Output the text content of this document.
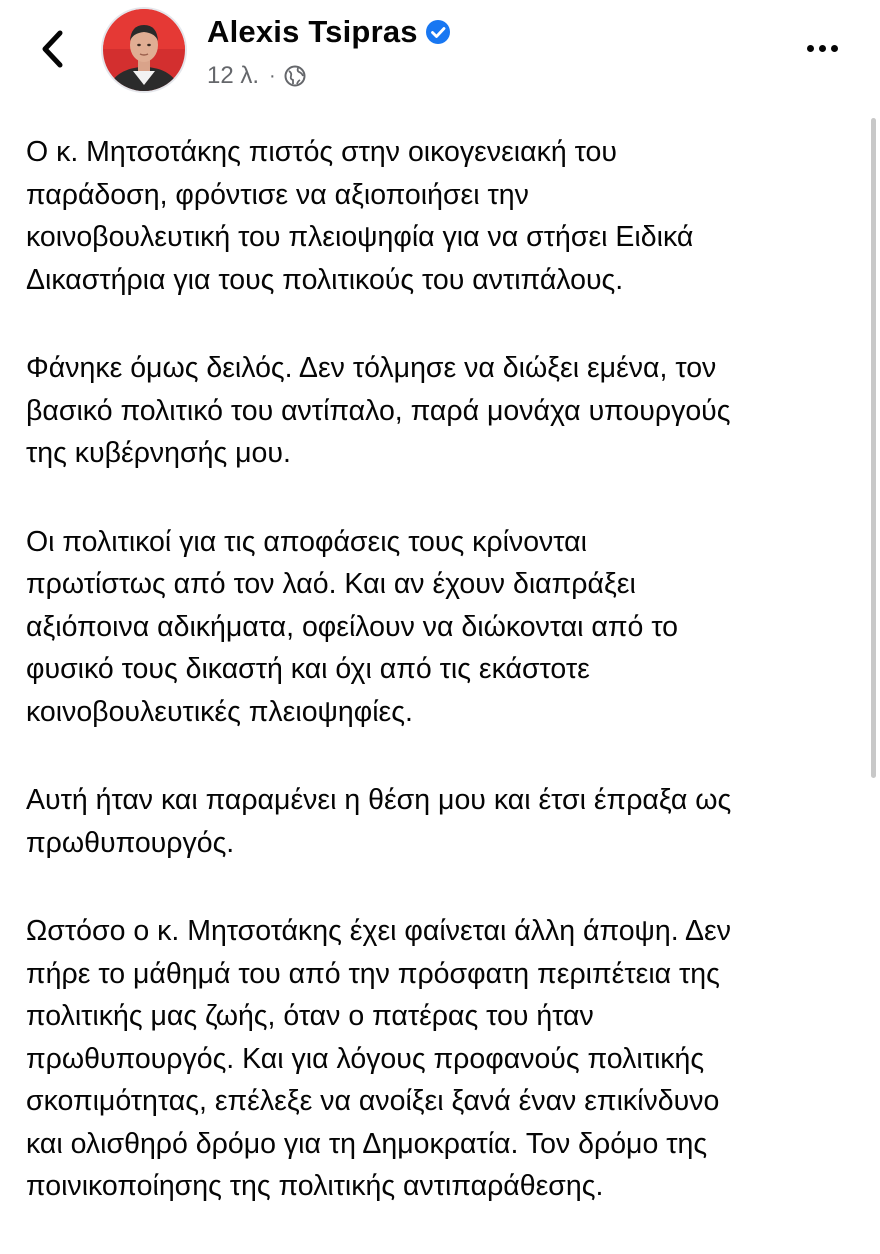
Alexis Tsipras
12 λ. ·

Ο κ. Μητσοτάκης πιστός στην οικογενειακή του
παράδοση, φρόντισε να αξιοποιήσει την
κοινοβουλευτική του πλειοψηφία για να στήσει Ειδικά
Δικαστήρια για τους πολιτικούς του αντιπάλους.

Φάνηκε όμως δειλός. Δεν τόλμησε να διώξει εμένα, τον
βασικό πολιτικό του αντίπαλο, παρά μονάχα υπουργούς
της κυβέρνησής μου.

Οι πολιτικοί για τις αποφάσεις τους κρίνονται
πρωτίστως από τον λαό. Και αν έχουν διαπράξει
αξιόποινα αδικήματα, οφείλουν να διώκονται από το
φυσικό τους δικαστή και όχι από τις εκάστοτε
κοινοβουλευτικές πλειοψηφίες.

Αυτή ήταν και παραμένει η θέση μου και έτσι έπραξα ως
πρωθυπουργός.

Ωστόσο ο κ. Μητσοτάκης έχει φαίνεται άλλη άποψη. Δεν
πήρε το μάθημά του από την πρόσφατη περιπέτεια της
πολιτικής μας ζωής, όταν ο πατέρας του ήταν
πρωθυπουργός. Και για λόγους προφανούς πολιτικής
σκοπιμότητας, επέλεξε να ανοίξει ξανά έναν επικίνδυνο
και ολισθηρό δρόμο για τη Δημοκρατία. Τον δρόμο της
ποινικοποίησης της πολιτικής αντιπαράθεσης.
